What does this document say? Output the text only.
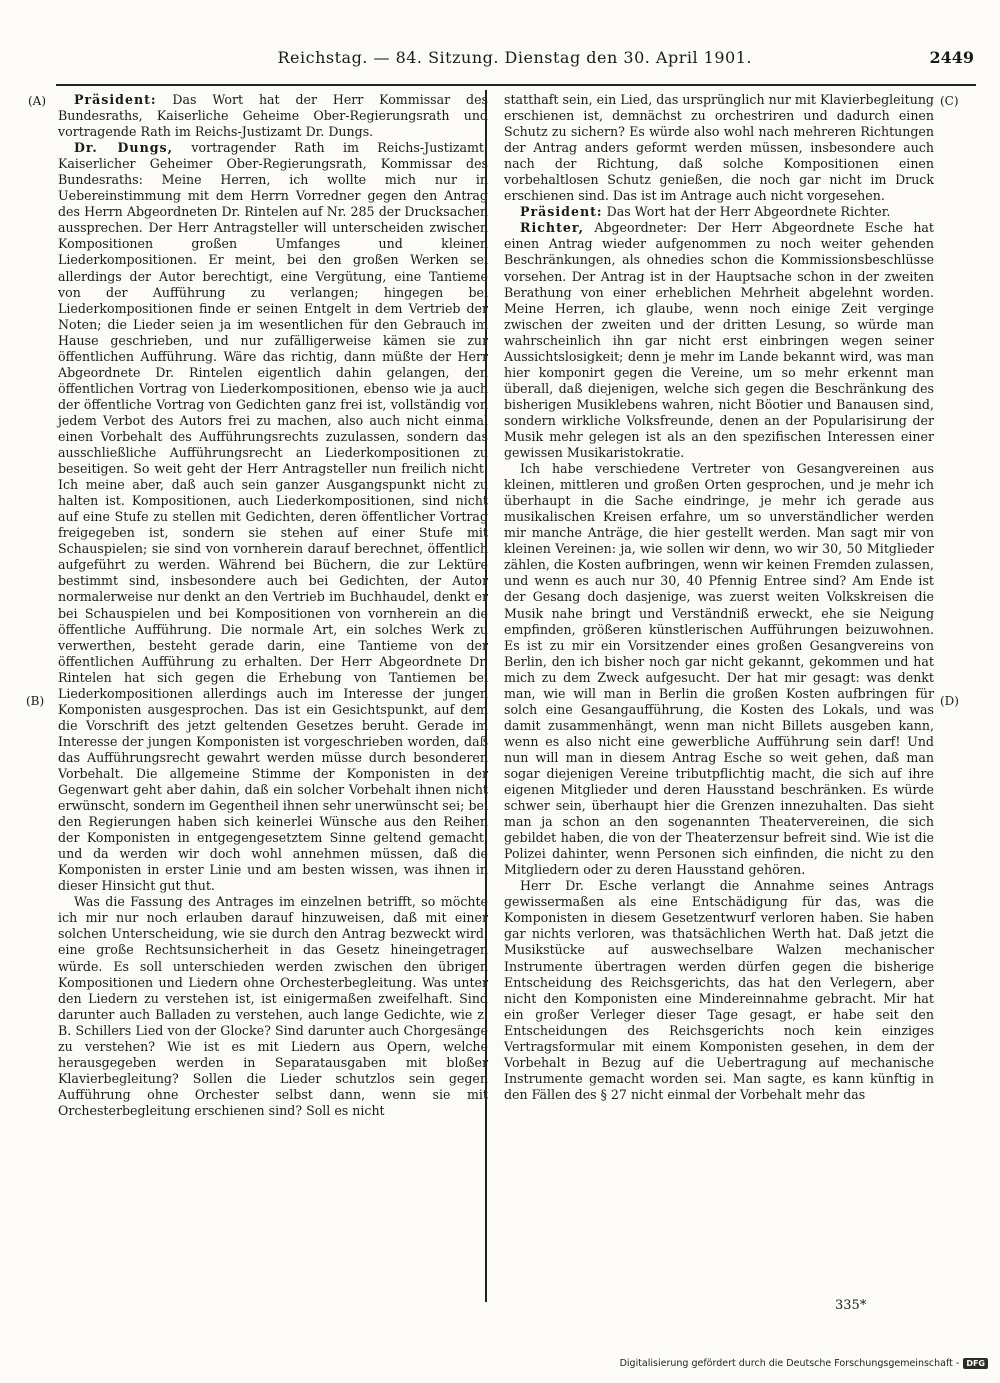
Reichstag. — 84. Sitzung. Dienstag den 30. April 1901.	2449
(A)
(B)
(C)
(D)

Präsident: Das Wort hat der Herr Kommissar des Bundesraths, Kaiserliche Geheime Ober-Regierungsrath und vortragende Rath im Reichs-Justizamt Dr. Dungs.

Dr. Dungs, vortragender Rath im Reichs-Justizamt, Kaiserlicher Geheimer Ober-Regierungsrath, Kommissar des Bundesraths: Meine Herren, ich wollte mich nur in Uebereinstimmung mit dem Herrn Vorredner gegen den Antrag des Herrn Abgeordneten Dr. Rintelen auf Nr. 285 der Drucksachen aussprechen. Der Herr Antragsteller will unterscheiden zwischen Kompositionen großen Umfanges und kleinen Liederkompositionen. Er meint, bei den großen Werken sei allerdings der Autor berechtigt, eine Vergütung, eine Tantieme von der Aufführung zu verlangen; hingegen bei Liederkompositionen finde er seinen Entgelt in dem Vertrieb der Noten; die Lieder seien ja im wesentlichen für den Gebrauch im Hause geschrieben, und nur zufälligerweise kämen sie zur öffentlichen Aufführung. Wäre das richtig, dann müßte der Herr Abgeordnete Dr. Rintelen eigentlich dahin gelangen, den öffentlichen Vortrag von Liederkompositionen, ebenso wie ja auch der öffentliche Vortrag von Gedichten ganz frei ist, vollständig von jedem Verbot des Autors frei zu machen, also auch nicht einmal einen Vorbehalt des Aufführungsrechts zuzulassen, sondern das ausschließliche Aufführungsrecht an Liederkompositionen zu beseitigen. So weit geht der Herr Antragsteller nun freilich nicht. Ich meine aber, daß auch sein ganzer Ausgangspunkt nicht zu halten ist. Kompositionen, auch Liederkompositionen, sind nicht auf eine Stufe zu stellen mit Gedichten, deren öffentlicher Vortrag freigegeben ist, sondern sie stehen auf einer Stufe mit Schauspielen; sie sind von vornherein darauf berechnet, öffentlich aufgeführt zu werden. Während bei Büchern, die zur Lektüre bestimmt sind, insbesondere auch bei Gedichten, der Autor normalerweise nur denkt an den Vertrieb im Buchhaudel, denkt er bei Schauspielen und bei Kompositionen von vornherein an die öffentliche Aufführung. Die normale Art, ein solches Werk zu verwerthen, besteht gerade darin, eine Tantieme von der öffentlichen Aufführung zu erhalten. Der Herr Abgeordnete Dr. Rintelen hat sich gegen die Erhebung von Tantiemen bei Liederkompositionen allerdings auch im Interesse der jungen Komponisten ausgesprochen. Das ist ein Gesichtspunkt, auf dem die Vorschrift des jetzt geltenden Gesetzes beruht. Gerade im Interesse der jungen Komponisten ist vorgeschrieben worden, daß das Aufführungsrecht gewahrt werden müsse durch besonderen Vorbehalt. Die allgemeine Stimme der Komponisten in der Gegenwart geht aber dahin, daß ein solcher Vorbehalt ihnen nicht erwünscht, sondern im Gegentheil ihnen sehr unerwünscht sei; bei den Regierungen haben sich keinerlei Wünsche aus den Reihen der Komponisten in entgegengesetztem Sinne geltend gemacht, und da werden wir doch wohl annehmen müssen, daß die Komponisten in erster Linie und am besten wissen, was ihnen in dieser Hinsicht gut thut.

Was die Fassung des Antrages im einzelnen betrifft, so möchte ich mir nur noch erlauben darauf hinzuweisen, daß mit einer solchen Unterscheidung, wie sie durch den Antrag bezweckt wird, eine große Rechtsunsicherheit in das Gesetz hineingetragen würde. Es soll unterschieden werden zwischen den übrigen Kompositionen und Liedern ohne Orchesterbegleitung. Was unter den Liedern zu verstehen ist, ist einigermaßen zweifelhaft. Sind darunter auch Balladen zu verstehen, auch lange Gedichte, wie z. B. Schillers Lied von der Glocke? Sind darunter auch Chorgesänge zu verstehen? Wie ist es mit Liedern aus Opern, welche herausgegeben werden in Separatausgaben mit bloßer Klavierbegleitung? Sollen die Lieder schutzlos sein gegen Aufführung ohne Orchester selbst dann, wenn sie mit Orchesterbegleitung erschienen sind? Soll es nicht

statthaft sein, ein Lied, das ursprünglich nur mit Klavierbegleitung erschienen ist, demnächst zu orchestriren und dadurch einen Schutz zu sichern? Es würde also wohl nach mehreren Richtungen der Antrag anders geformt werden müssen, insbesondere auch nach der Richtung, daß solche Kompositionen einen vorbehaltlosen Schutz genießen, die noch gar nicht im Druck erschienen sind. Das ist im Antrage auch nicht vorgesehen.

Präsident: Das Wort hat der Herr Abgeordnete Richter.

Richter, Abgeordneter: Der Herr Abgeordnete Esche hat einen Antrag wieder aufgenommen zu noch weiter gehenden Beschränkungen, als ohnedies schon die Kommissionsbeschlüsse vorsehen. Der Antrag ist in der Hauptsache schon in der zweiten Berathung von einer erheblichen Mehrheit abgelehnt worden. Meine Herren, ich glaube, wenn noch einige Zeit verginge zwischen der zweiten und der dritten Lesung, so würde man wahrscheinlich ihn gar nicht erst einbringen wegen seiner Aussichtslosigkeit; denn je mehr im Lande bekannt wird, was man hier komponirt gegen die Vereine, um so mehr erkennt man überall, daß diejenigen, welche sich gegen die Beschränkung des bisherigen Musiklebens wahren, nicht Böotier und Banausen sind, sondern wirkliche Volksfreunde, denen an der Popularisirung der Musik mehr gelegen ist als an den spezifischen Interessen einer gewissen Musikaristokratie.

Ich habe verschiedene Vertreter von Gesangvereinen aus kleinen, mittleren und großen Orten gesprochen, und je mehr ich überhaupt in die Sache eindringe, je mehr ich gerade aus musikalischen Kreisen erfahre, um so unverständlicher werden mir manche Anträge, die hier gestellt werden. Man sagt mir von kleinen Vereinen: ja, wie sollen wir denn, wo wir 30, 50 Mitglieder zählen, die Kosten aufbringen, wenn wir keinen Fremden zulassen, und wenn es auch nur 30, 40 Pfennig Entree sind? Am Ende ist der Gesang doch dasjenige, was zuerst weiten Volkskreisen die Musik nahe bringt und Verständniß erweckt, ehe sie Neigung empfinden, größeren künstlerischen Aufführungen beizuwohnen. Es ist zu mir ein Vorsitzender eines großen Gesangvereins von Berlin, den ich bisher noch gar nicht gekannt, gekommen und hat mich zu dem Zweck aufgesucht. Der hat mir gesagt: was denkt man, wie will man in Berlin die großen Kosten aufbringen für solch eine Gesangaufführung, die Kosten des Lokals, und was damit zusammenhängt, wenn man nicht Billets ausgeben kann, wenn es also nicht eine gewerbliche Aufführung sein darf! Und nun will man in diesem Antrag Esche so weit gehen, daß man sogar diejenigen Vereine tributpflichtig macht, die sich auf ihre eigenen Mitglieder und deren Hausstand beschränken. Es würde schwer sein, überhaupt hier die Grenzen innezuhalten. Das sieht man ja schon an den sogenannten Theatervereinen, die sich gebildet haben, die von der Theaterzensur befreit sind. Wie ist die Polizei dahinter, wenn Personen sich einfinden, die nicht zu den Mitgliedern oder zu deren Hausstand gehören.

Herr Dr. Esche verlangt die Annahme seines Antrags gewissermaßen als eine Entschädigung für das, was die Komponisten in diesem Gesetzentwurf verloren haben. Sie haben gar nichts verloren, was thatsächlichen Werth hat. Daß jetzt die Musikstücke auf auswechselbare Walzen mechanischer Instrumente übertragen werden dürfen gegen die bisherige Entscheidung des Reichsgerichts, das hat den Verlegern, aber nicht den Komponisten eine Mindereinnahme gebracht. Mir hat ein großer Verleger dieser Tage gesagt, er habe seit den Entscheidungen des Reichsgerichts noch kein einziges Vertragsformular mit einem Komponisten gesehen, in dem der Vorbehalt in Bezug auf die Uebertragung auf mechanische Instrumente gemacht worden sei. Man sagte, es kann künftig in den Fällen des § 27 nicht einmal der Vorbehalt mehr das

335*
Digitalisierung gefördert durch die Deutsche Forschungsgemeinschaft - DFG
